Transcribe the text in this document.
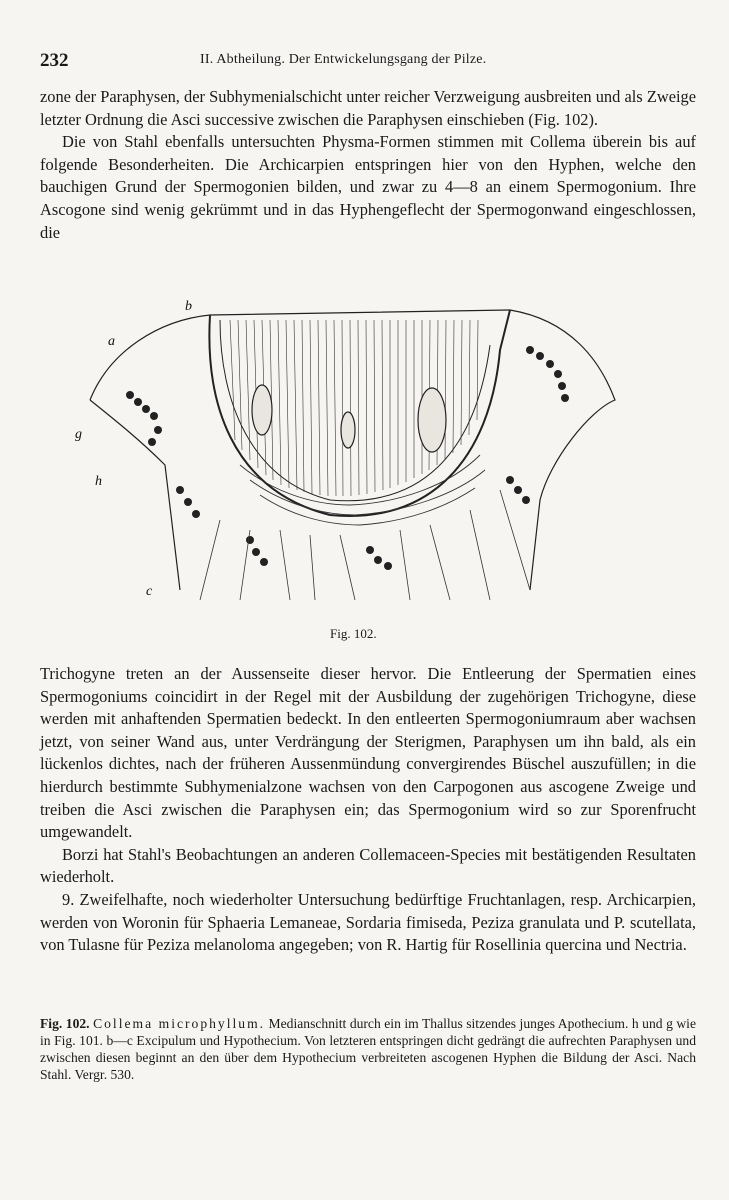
232	II. Abtheilung. Der Entwickelungsgang der Pilze.

zone der Paraphysen, der Subhymenialschicht unter reicher Verzweigung ausbreiten und als Zweige letzter Ordnung die Asci successive zwischen die Paraphysen einschieben (Fig. 102).

Die von Stahl ebenfalls untersuchten Physma-Formen stimmen mit Collema überein bis auf folgende Besonderheiten. Die Archicarpien entspringen hier von den Hyphen, welche den bauchigen Grund der Spermogonien bilden, und zwar zu 4—8 an einem Spermogonium. Ihre Ascogone sind wenig gekrümmt und in das Hyphengeflecht der Spermogonwand eingeschlossen, die

b
a
g
h
c
Fig. 102.

Trichogyne treten an der Aussenseite dieser hervor. Die Entleerung der Spermatien eines Spermogoniums coincidirt in der Regel mit der Ausbildung der zugehörigen Trichogyne, diese werden mit anhaftenden Spermatien bedeckt. In den entleerten Spermogoniumraum aber wachsen jetzt, von seiner Wand aus, unter Verdrängung der Sterigmen, Paraphysen um ihn bald, als ein lückenlos dichtes, nach der früheren Aussenmündung convergirendes Büschel auszufüllen; in die hierdurch bestimmte Subhymenialzone wachsen von den Carpogonen aus ascogene Zweige und treiben die Asci zwischen die Paraphysen ein; das Spermogonium wird so zur Sporenfrucht umgewandelt.

Borzi hat Stahl's Beobachtungen an anderen Collemaceen-Species mit bestätigenden Resultaten wiederholt.

9. Zweifelhafte, noch wiederholter Untersuchung bedürftige Fruchtanlagen, resp. Archicarpien, werden von Woronin für Sphaeria Lemaneae, Sordaria fimiseda, Peziza granulata und P. scutellata, von Tulasne für Peziza melanoloma angegeben; von R. Hartig für Rosellinia quercina und Nectria.

Fig. 102. Collema microphyllum. Medianschnitt durch ein im Thallus sitzendes junges Apothecium. h und g wie in Fig. 101. b—c Excipulum und Hypothecium. Von letzteren entspringen dicht gedrängt die aufrechten Paraphysen und zwischen diesen beginnt an den über dem Hypothecium verbreiteten ascogenen Hyphen die Bildung der Asci. Nach Stahl. Vergr. 530.
